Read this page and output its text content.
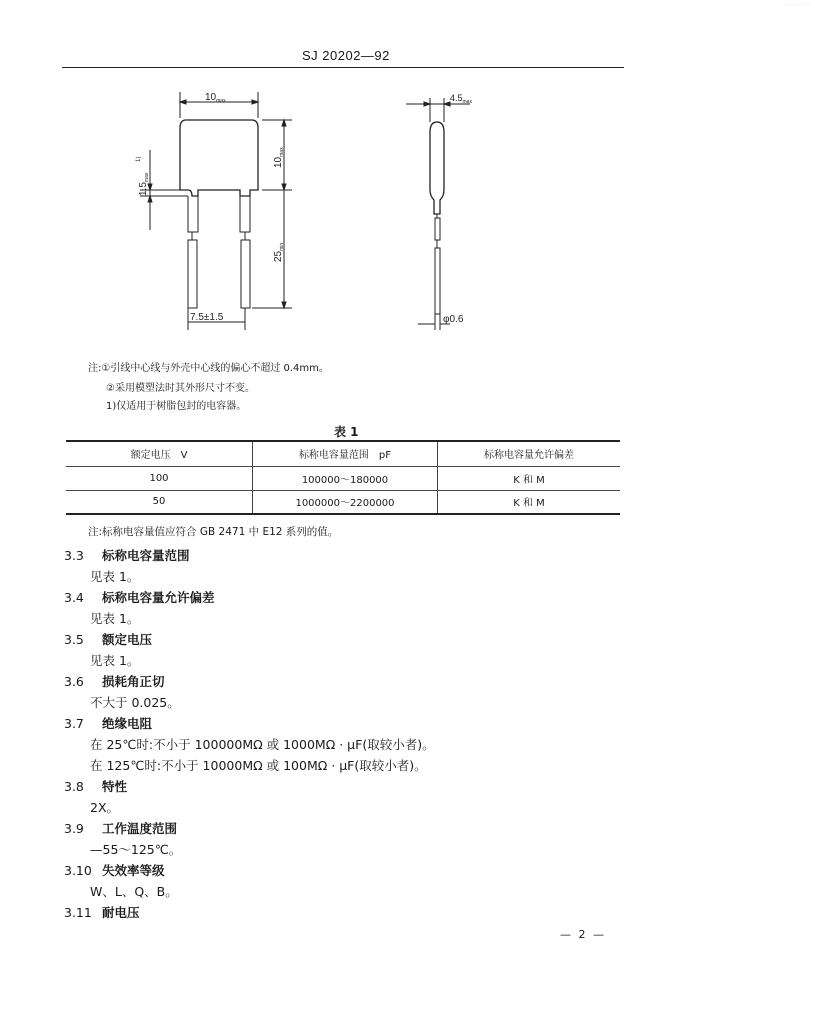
· · · · · · · · · ·
SJ 20202—92
$10_{max}$
$10_{max}$
$25_{min}$
$1.5_{max}$
1)
7.5±1.5
$4.5_{max}$
φ0.6
注:①引线中心线与外壳中心线的偏心不超过 0.4mm。
②采用模塑法时其外形尺寸不变。
1)仅适用于树脂包封的电容器。
表 1
额定电压　V	标称电容量范围　pF	标称电容量允许偏差
100	100000～180000	K 和 M
50	1000000～2200000	K 和 M
注:标称电容量值应符合 GB 2471 中 E12 系列的值。
3.3 标称电容量范围
见表 1。
3.4 标称电容量允许偏差
见表 1。
3.5 额定电压
见表 1。
3.6 损耗角正切
不大于 0.025。
3.7 绝缘电阻
在 25℃时:不小于 100000MΩ 或 1000MΩ · μF(取较小者)。
在 125℃时:不小于 10000MΩ 或 100MΩ · μF(取较小者)。
3.8 特性
2X。
3.9 工作温度范围
—55～125℃。
3.10 失效率等级
W、L、Q、B。
3.11 耐电压
— 2 —
